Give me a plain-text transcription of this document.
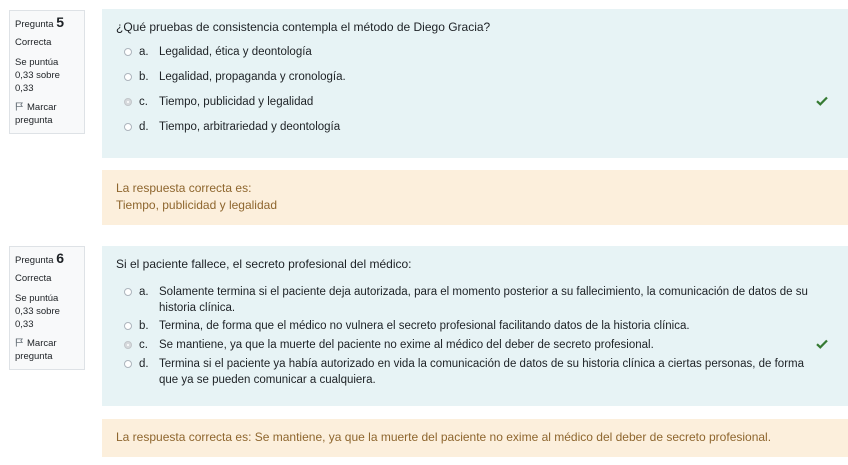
Pregunta 5
Correcta
Se puntúa 0,33 sobre 0,33
Marcar pregunta
¿Qué pruebas de consistencia contempla el método de Diego Gracia?
a. Legalidad, ética y deontología
b. Legalidad, propaganda y cronología.
c. Tiempo, publicidad y legalidad
d. Tiempo, arbitrariedad y deontología
La respuesta correcta es:
Tiempo, publicidad y legalidad
Pregunta 6
Correcta
Se puntúa 0,33 sobre 0,33
Marcar pregunta
Si el paciente fallece, el secreto profesional del médico:
a. Solamente termina si el paciente deja autorizada, para el momento posterior a su fallecimiento, la comunicación de datos de su historia clínica.
b. Termina, de forma que el médico no vulnera el secreto profesional facilitando datos de la historia clínica.
c. Se mantiene, ya que la muerte del paciente no exime al médico del deber de secreto profesional.
d. Termina si el paciente ya había autorizado en vida la comunicación de datos de su historia clínica a ciertas personas, de forma que ya se pueden comunicar a cualquiera.
La respuesta correcta es: Se mantiene, ya que la muerte del paciente no exime al médico del deber de secreto profesional.
